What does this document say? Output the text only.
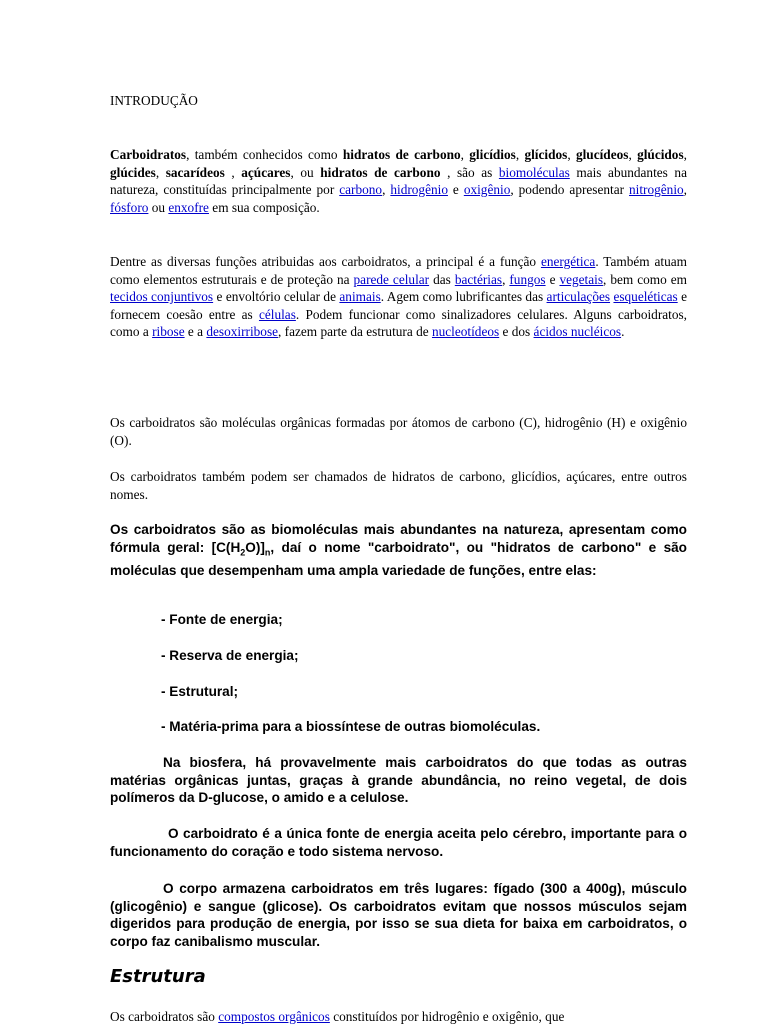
INTRODUÇÃO

Carboidratos, também conhecidos como hidratos de carbono, glicídios, glícidos, glucídeos, glúcidos, glúcides, sacarídeos , açúcares, ou hidratos de carbono , são as biomoléculas mais abundantes na natureza, constituídas principalmente por carbono, hidrogênio e oxigênio, podendo apresentar nitrogênio, fósforo ou enxofre em sua composição.

Dentre as diversas funções atribuidas aos carboidratos, a principal é a função energética. Também atuam como elementos estruturais e de proteção na parede celular das bactérias, fungos e vegetais, bem como em tecidos conjuntivos e envoltório celular de animais. Agem como lubrificantes das articulações esqueléticas e fornecem coesão entre as células. Podem funcionar como sinalizadores celulares. Alguns carboidratos, como a ribose e a desoxirribose, fazem parte da estrutura de nucleotídeos e dos ácidos nucléicos.

Os carboidratos são moléculas orgânicas formadas por átomos de carbono (C), hidrogênio (H) e oxigênio (O).

Os carboidratos também podem ser chamados de hidratos de carbono, glicídios, açúcares, entre outros nomes.

Os carboidratos são as biomoléculas mais abundantes na natureza, apresentam como fórmula geral: $[C(H_2O)]_n$, daí o nome "carboidrato", ou "hidratos de carbono" e são moléculas que desempenham uma ampla variedade de funções, entre elas:

- Fonte de energia;
- Reserva de energia;
- Estrutural;
- Matéria-prima para a biossíntese de outras biomoléculas.

Na biosfera, há provavelmente mais carboidratos do que todas as outras matérias orgânicas juntas, graças à grande abundância, no reino vegetal, de dois polímeros da D-glucose, o amido e a celulose.

O carboidrato é a única fonte de energia aceita pelo cérebro, importante para o funcionamento do coração e todo sistema nervoso.

O corpo armazena carboidratos em três lugares: fígado (300 a 400g), músculo (glicogênio) e sangue (glicose). Os carboidratos evitam que nossos músculos sejam digeridos para produção de energia, por isso se sua dieta for baixa em carboidratos, o corpo faz canibalismo muscular.

Estrutura

Os carboidratos são compostos orgânicos constituídos por hidrogênio e oxigênio, que
